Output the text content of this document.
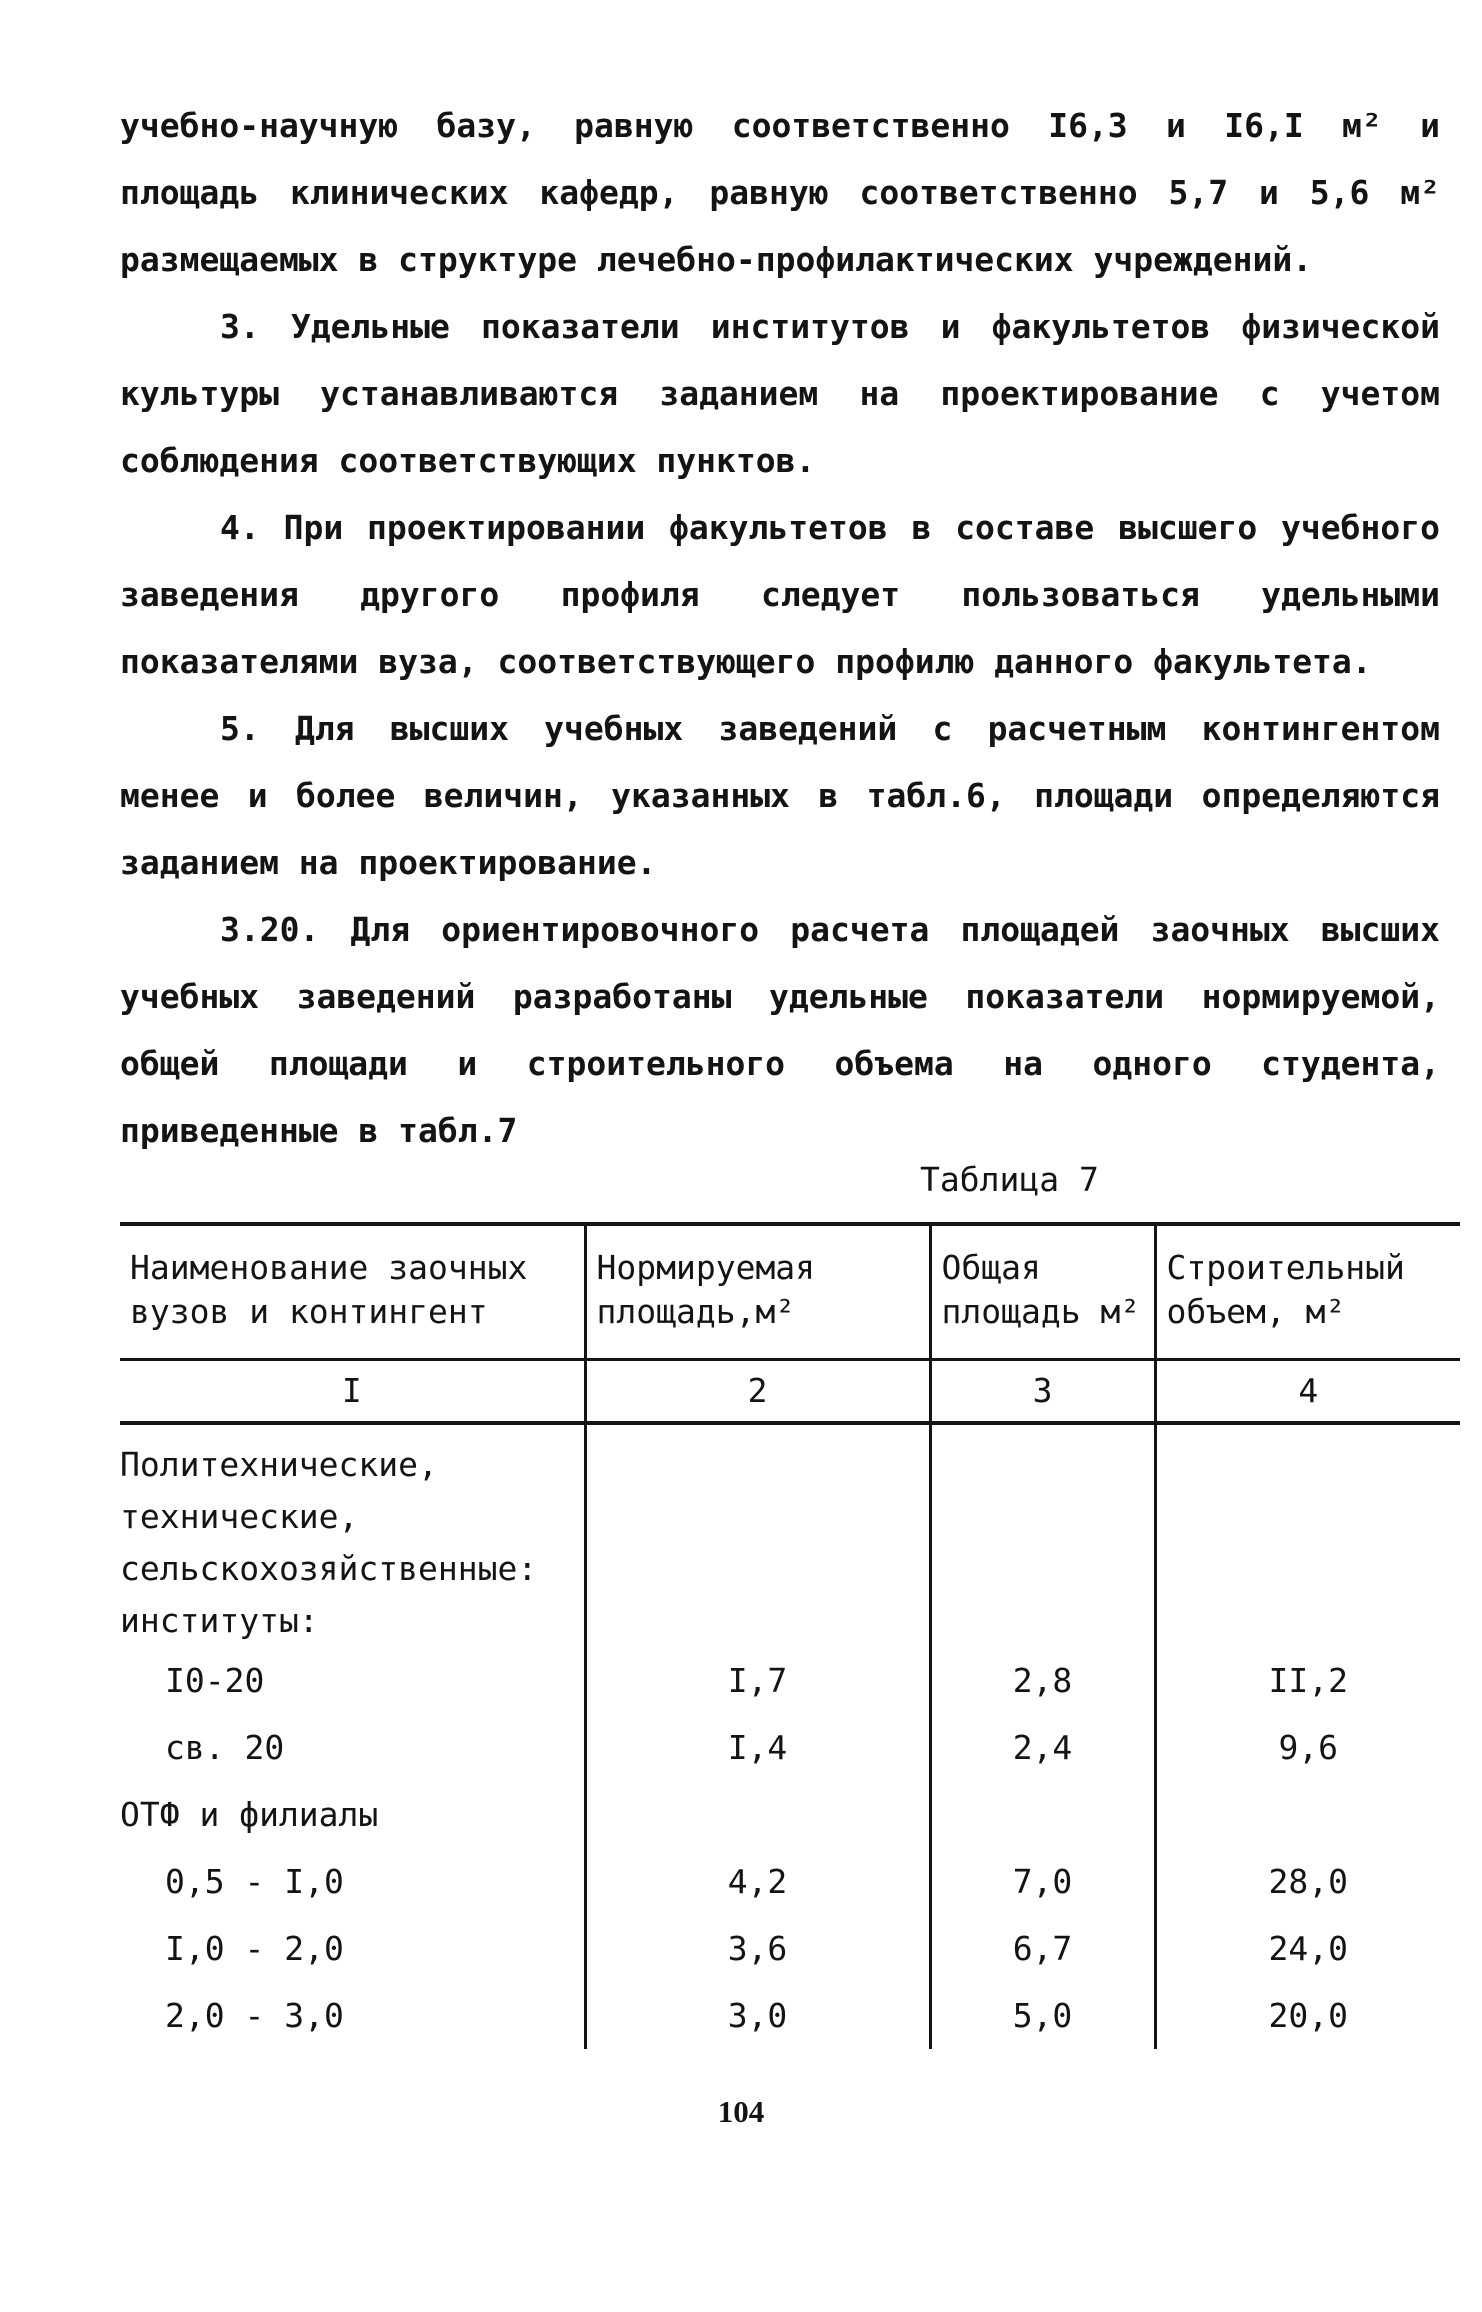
учебно-научную базу, равную соответственно I6,3 и I6,I м² и площадь клинических кафедр, равную соответственно 5,7 и 5,6 м² размещаемых в структуре лечебно-профилактических учреждений.
3. Удельные показатели институтов и факультетов физической культуры устанавливаются заданием на проектирование с учетом соблюдения соответствующих пунктов.
4. При проектировании факультетов в составе высшего учебного заведения другого профиля следует пользоваться удельными показателями вуза, соответствующего профилю данного факультета.
5. Для высших учебных заведений с расчетным контингентом менее и более величин, указанных в табл.6, площади определяются заданием на проектирование.
3.20. Для ориентировочного расчета площадей заочных высших учебных заведений разработаны удельные показатели нормируемой, общей площади и строительного объема на одного студента, приведенные в табл.7
Таблица 7
Наименование заочных вузов и контингент	Нормируемая площадь,м²	Общая площадь м²	Строительный объем, м²
I	2	3	4
Политехнические, технические, сельскохозяйственные:			
институты:			
I0-20	I,7	2,8	II,2
св. 20	I,4	2,4	9,6
ОТФ и филиалы			
0,5 - I,0	4,2	7,0	28,0
I,0 - 2,0	3,6	6,7	24,0
2,0 - 3,0	3,0	5,0	20,0
104
